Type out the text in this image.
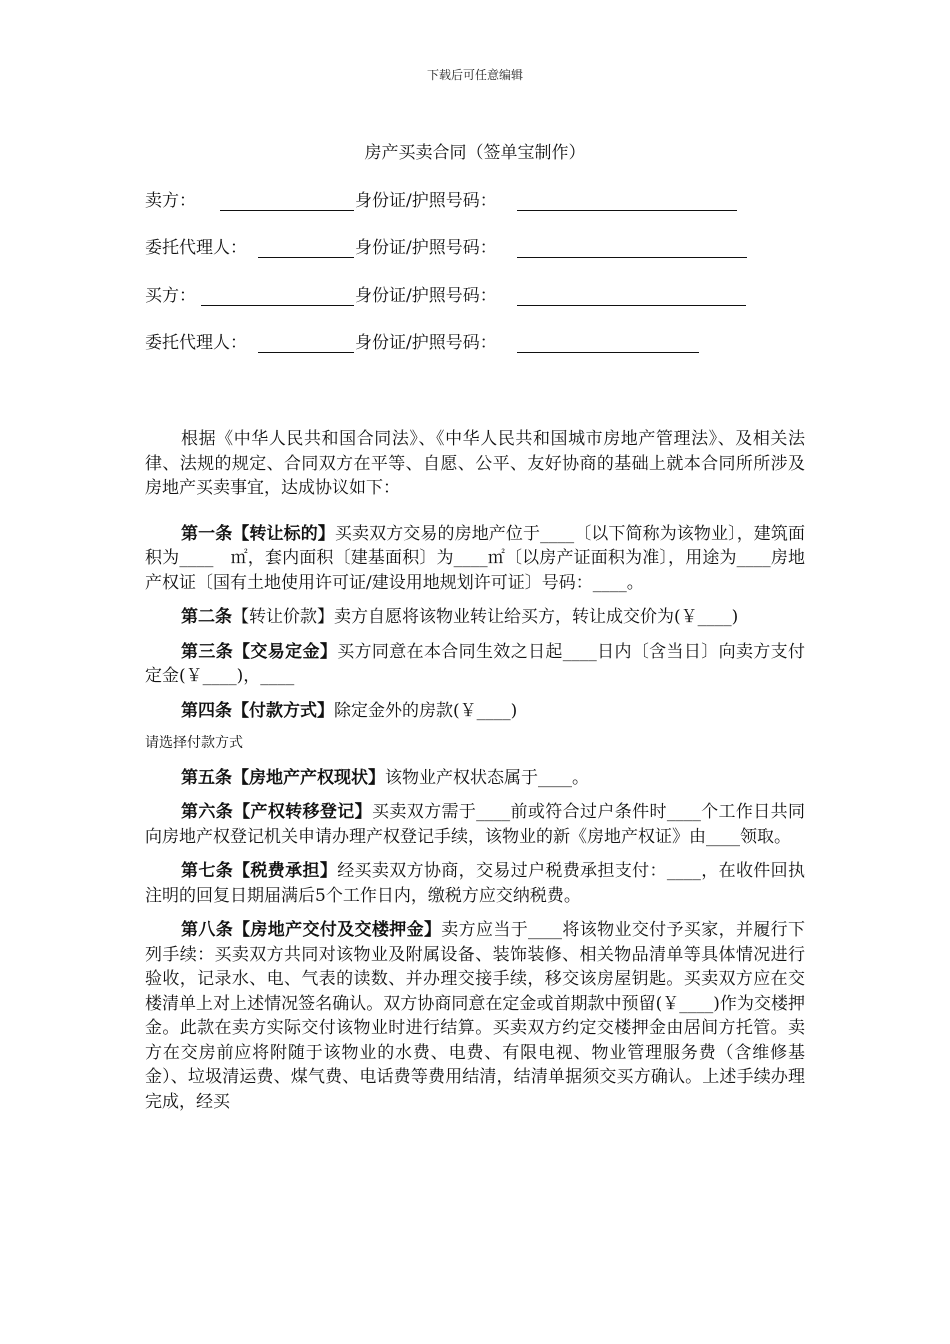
下载后可任意编辑
房产买卖合同（签单宝制作）
卖方：	身份证/护照号码：
委托代理人：	身份证/护照号码：
买方：	身份证/护照号码：
委托代理人：	身份证/护照号码：

根据《中华人民共和国合同法》、《中华人民共和国城市房地产管理法》、及相关法律、法规的规定、合同双方在平等、自愿、公平、友好协商的基础上就本合同所所涉及房地产买卖事宜，达成协议如下：

第一条【转让标的】买卖双方交易的房地产位于____〔以下简称为该物业〕，建筑面积为____　㎡，套内面积〔建基面积〕为____㎡〔以房产证面积为准〕，用途为____房地产权证〔国有土地使用许可证/建设用地规划许可证〕号码：____。

第二条【转让价款】卖方自愿将该物业转让给买方，转让成交价为(￥____)

第三条【交易定金】买方同意在本合同生效之日起____日内〔含当日〕向卖方支付定金(￥____)，____

第四条【付款方式】除定金外的房款(￥____)

请选择付款方式

第五条【房地产产权现状】该物业产权状态属于____。

第六条【产权转移登记】买卖双方需于____前或符合过户条件时____个工作日共同向房地产权登记机关申请办理产权登记手续，该物业的新《房地产权证》由____领取。

第七条【税费承担】经买卖双方协商，交易过户税费承担支付：____，在收件回执注明的回复日期届满后5个工作日内，缴税方应交纳税费。

第八条【房地产交付及交楼押金】卖方应当于____将该物业交付予买家，并履行下列手续：买卖双方共同对该物业及附属设备、装饰装修、相关物品清单等具体情况进行验收，记录水、电、气表的读数、并办理交接手续，移交该房屋钥匙。买卖双方应在交楼清单上对上述情况签名确认。双方协商同意在定金或首期款中预留(￥____)作为交楼押金。此款在卖方实际交付该物业时进行结算。买卖双方约定交楼押金由居间方托管。卖方在交房前应将附随于该物业的水费、电费、有限电视、物业管理服务费（含维修基金）、垃圾清运费、煤气费、电话费等费用结清，结清单据须交买方确认。上述手续办理完成，经买
